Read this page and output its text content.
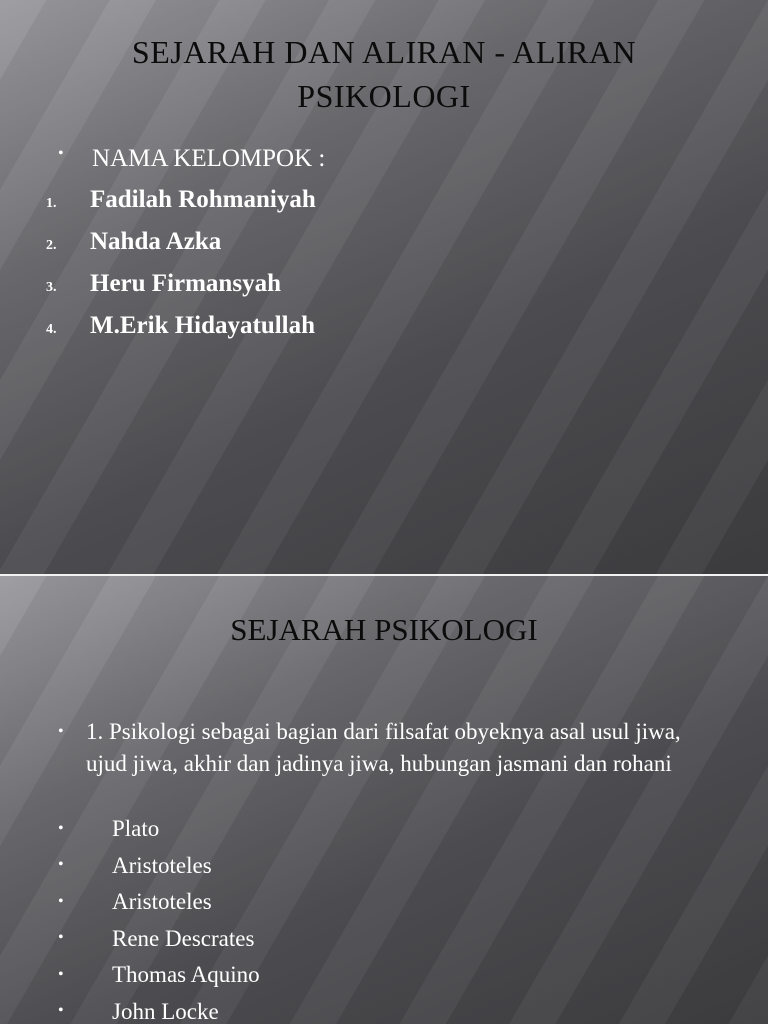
SEJARAH DAN ALIRAN - ALIRAN
PSIKOLOGI
• NAMA KELOMPOK :
1. Fadilah Rohmaniyah
2. Nahda Azka
3. Heru Firmansyah
4. M.Erik Hidayatullah
SEJARAH PSIKOLOGI
• 1. Psikologi sebagai bagian dari filsafat obyeknya asal usul jiwa, ujud jiwa, akhir dan jadinya jiwa, hubungan jasmani dan rohani
• Plato
• Aristoteles
• Aristoteles
• Rene Descrates
• Thomas Aquino
• John Locke
